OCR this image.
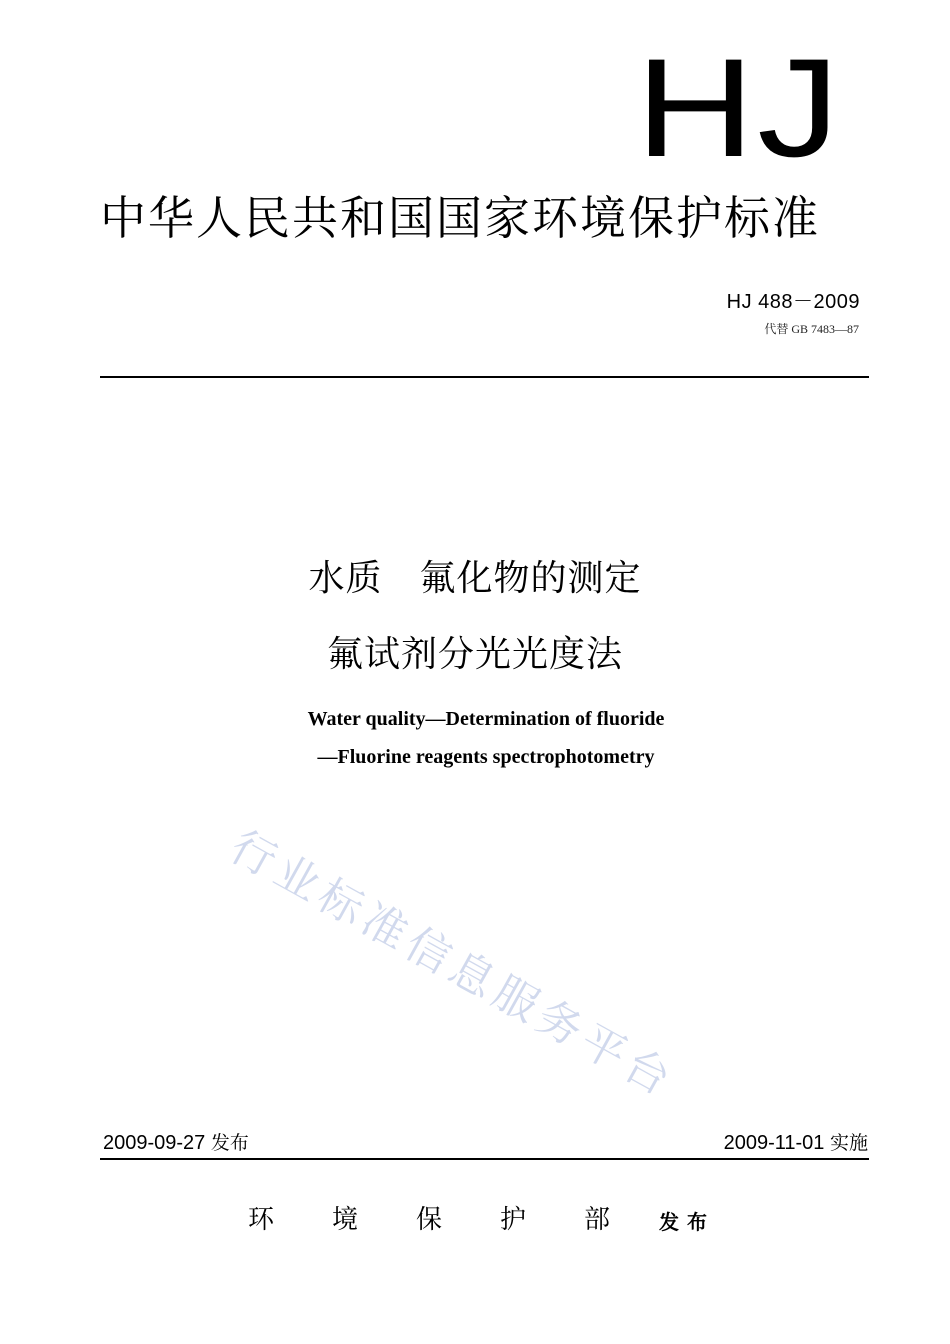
HJ
中华人民共和国国家环境保护标准
HJ 488－2009
代替 GB 7483—87
水质　氟化物的测定
氟试剂分光光度法
Water quality—Determination of fluoride
—Fluorine reagents spectrophotometry
行业标准信息服务平台
2009-09-27 发布	2009-11-01 实施
环 境 保 护 部	发布
